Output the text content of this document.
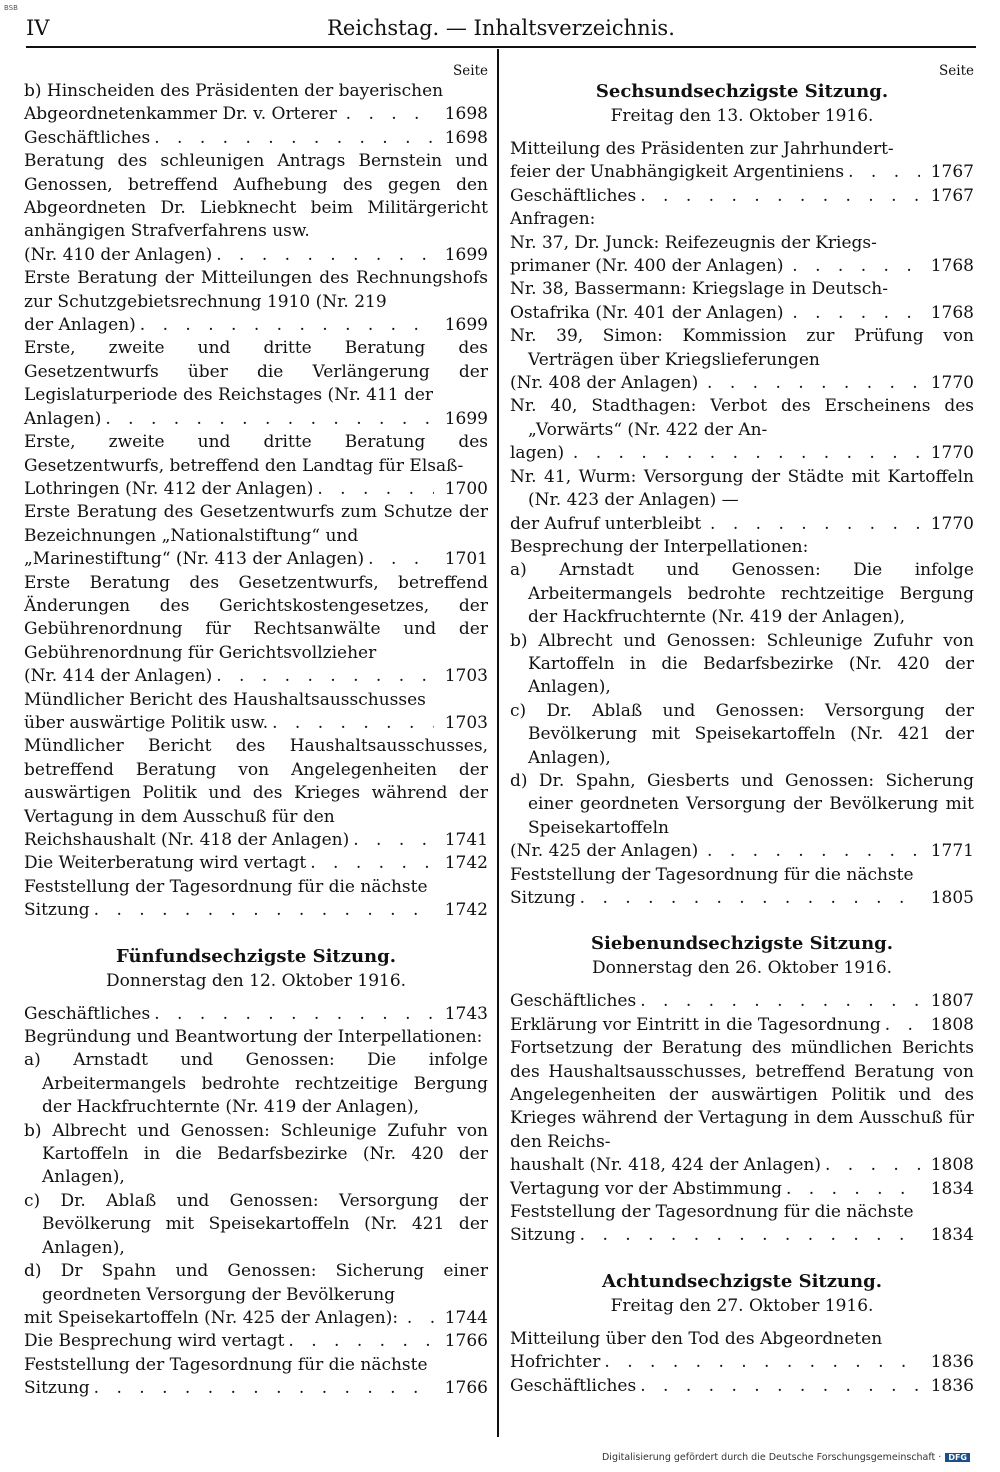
BSB
IV	Reichstag. — Inhaltsverzeichnis.
Seite
b) Hinscheiden des Präsidenten der bayerischen
Abgeordnetenkammer Dr. v. Orterer . . .	1698
Geschäftliches . . .	1698
Beratung des schleunigen Antrags Bernstein und Genossen, betreffend Aufhebung des gegen den Abgeordneten Dr. Liebknecht beim Militärgericht anhängigen Strafverfahrens usw.
(Nr. 410 der Anlagen) . . .	1699
Erste Beratung der Mitteilungen des Rechnungshofs zur Schutzgebietsrechnung 1910 (Nr. 219
der Anlagen) . . .	1699
Erste, zweite und dritte Beratung des Gesetzentwurfs über die Verlängerung der Legislaturperiode des Reichstages (Nr. 411 der
Anlagen) . . .	1699
Erste, zweite und dritte Beratung des Gesetzentwurfs, betreffend den Landtag für Elsaß-
Lothringen (Nr. 412 der Anlagen) . . .	1700
Erste Beratung des Gesetzentwurfs zum Schutze der Bezeichnungen „Nationalstiftung“ und
„Marinestiftung“ (Nr. 413 der Anlagen) . . .	1701
Erste Beratung des Gesetzentwurfs, betreffend Änderungen des Gerichtskostengesetzes, der Gebührenordnung für Rechtsanwälte und der Gebührenordnung für Gerichtsvollzieher
(Nr. 414 der Anlagen) . . .	1703
Mündlicher Bericht des Haushaltsausschusses
über auswärtige Politik usw. . . .	1703
Mündlicher Bericht des Haushaltsausschusses, betreffend Beratung von Angelegenheiten der auswärtigen Politik und des Krieges während der Vertagung in dem Ausschuß für den
Reichshaushalt (Nr. 418 der Anlagen) . . .	1741
Die Weiterberatung wird vertagt . . .	1742
Feststellung der Tagesordnung für die nächste
Sitzung . . .	1742
Fünfundsechzigste Sitzung.
Donnerstag den 12. Oktober 1916.
Geschäftliches . . .	1743
Begründung und Beantwortung der Interpellationen:
a) Arnstadt und Genossen: Die infolge Arbeitermangels bedrohte rechtzeitige Bergung der Hackfruchternte (Nr. 419 der Anlagen),
b) Albrecht und Genossen: Schleunige Zufuhr von Kartoffeln in die Bedarfsbezirke (Nr. 420 der Anlagen),
c) Dr. Ablaß und Genossen: Versorgung der Bevölkerung mit Speisekartoffeln (Nr. 421 der Anlagen),
d) Dr Spahn und Genossen: Sicherung einer geordneten Versorgung der Bevölkerung
mit Speisekartoffeln (Nr. 425 der Anlagen): . . .	1744
Die Besprechung wird vertagt . . .	1766
Feststellung der Tagesordnung für die nächste
Sitzung . . .	1766
Seite
Sechsundsechzigste Sitzung.
Freitag den 13. Oktober 1916.
Mitteilung des Präsidenten zur Jahrhundert-
feier der Unabhängigkeit Argentiniens . . .	1767
Geschäftliches . . .	1767
Anfragen:
Nr. 37, Dr. Junck: Reifezeugnis der Kriegs-
primaner (Nr. 400 der Anlagen) . . .	1768
Nr. 38, Bassermann: Kriegslage in Deutsch-
Ostafrika (Nr. 401 der Anlagen) . . .	1768
Nr. 39, Simon: Kommission zur Prüfung von Verträgen über Kriegslieferungen
(Nr. 408 der Anlagen) . . .	1770
Nr. 40, Stadthagen: Verbot des Erscheinens des „Vorwärts“ (Nr. 422 der An-
lagen) . . .	1770
Nr. 41, Wurm: Versorgung der Städte mit Kartoffeln (Nr. 423 der Anlagen) —
der Aufruf unterbleibt . . .	1770
Besprechung der Interpellationen:
a) Arnstadt und Genossen: Die infolge Arbeitermangels bedrohte rechtzeitige Bergung der Hackfruchternte (Nr. 419 der Anlagen),
b) Albrecht und Genossen: Schleunige Zufuhr von Kartoffeln in die Bedarfsbezirke (Nr. 420 der Anlagen),
c) Dr. Ablaß und Genossen: Versorgung der Bevölkerung mit Speisekartoffeln (Nr. 421 der Anlagen),
d) Dr. Spahn, Giesberts und Genossen: Sicherung einer geordneten Versorgung der Bevölkerung mit Speisekartoffeln
(Nr. 425 der Anlagen) . . .	1771
Feststellung der Tagesordnung für die nächste
Sitzung . . .	1805
Siebenundsechzigste Sitzung.
Donnerstag den 26. Oktober 1916.
Geschäftliches . . .	1807
Erklärung vor Eintritt in die Tagesordnung . . .	1808
Fortsetzung der Beratung des mündlichen Berichts des Haushaltsausschusses, betreffend Beratung von Angelegenheiten der auswärtigen Politik und des Krieges während der Vertagung in dem Ausschuß für den Reichs-
haushalt (Nr. 418, 424 der Anlagen) . . .	1808
Vertagung vor der Abstimmung . . .	1834
Feststellung der Tagesordnung für die nächste
Sitzung . . .	1834
Achtundsechzigste Sitzung.
Freitag den 27. Oktober 1916.
Mitteilung über den Tod des Abgeordneten
Hofrichter . . .	1836
Geschäftliches . . .	1836
Digitalisierung gefördert durch die Deutsche Forschungsgemeinschaft · DFG
